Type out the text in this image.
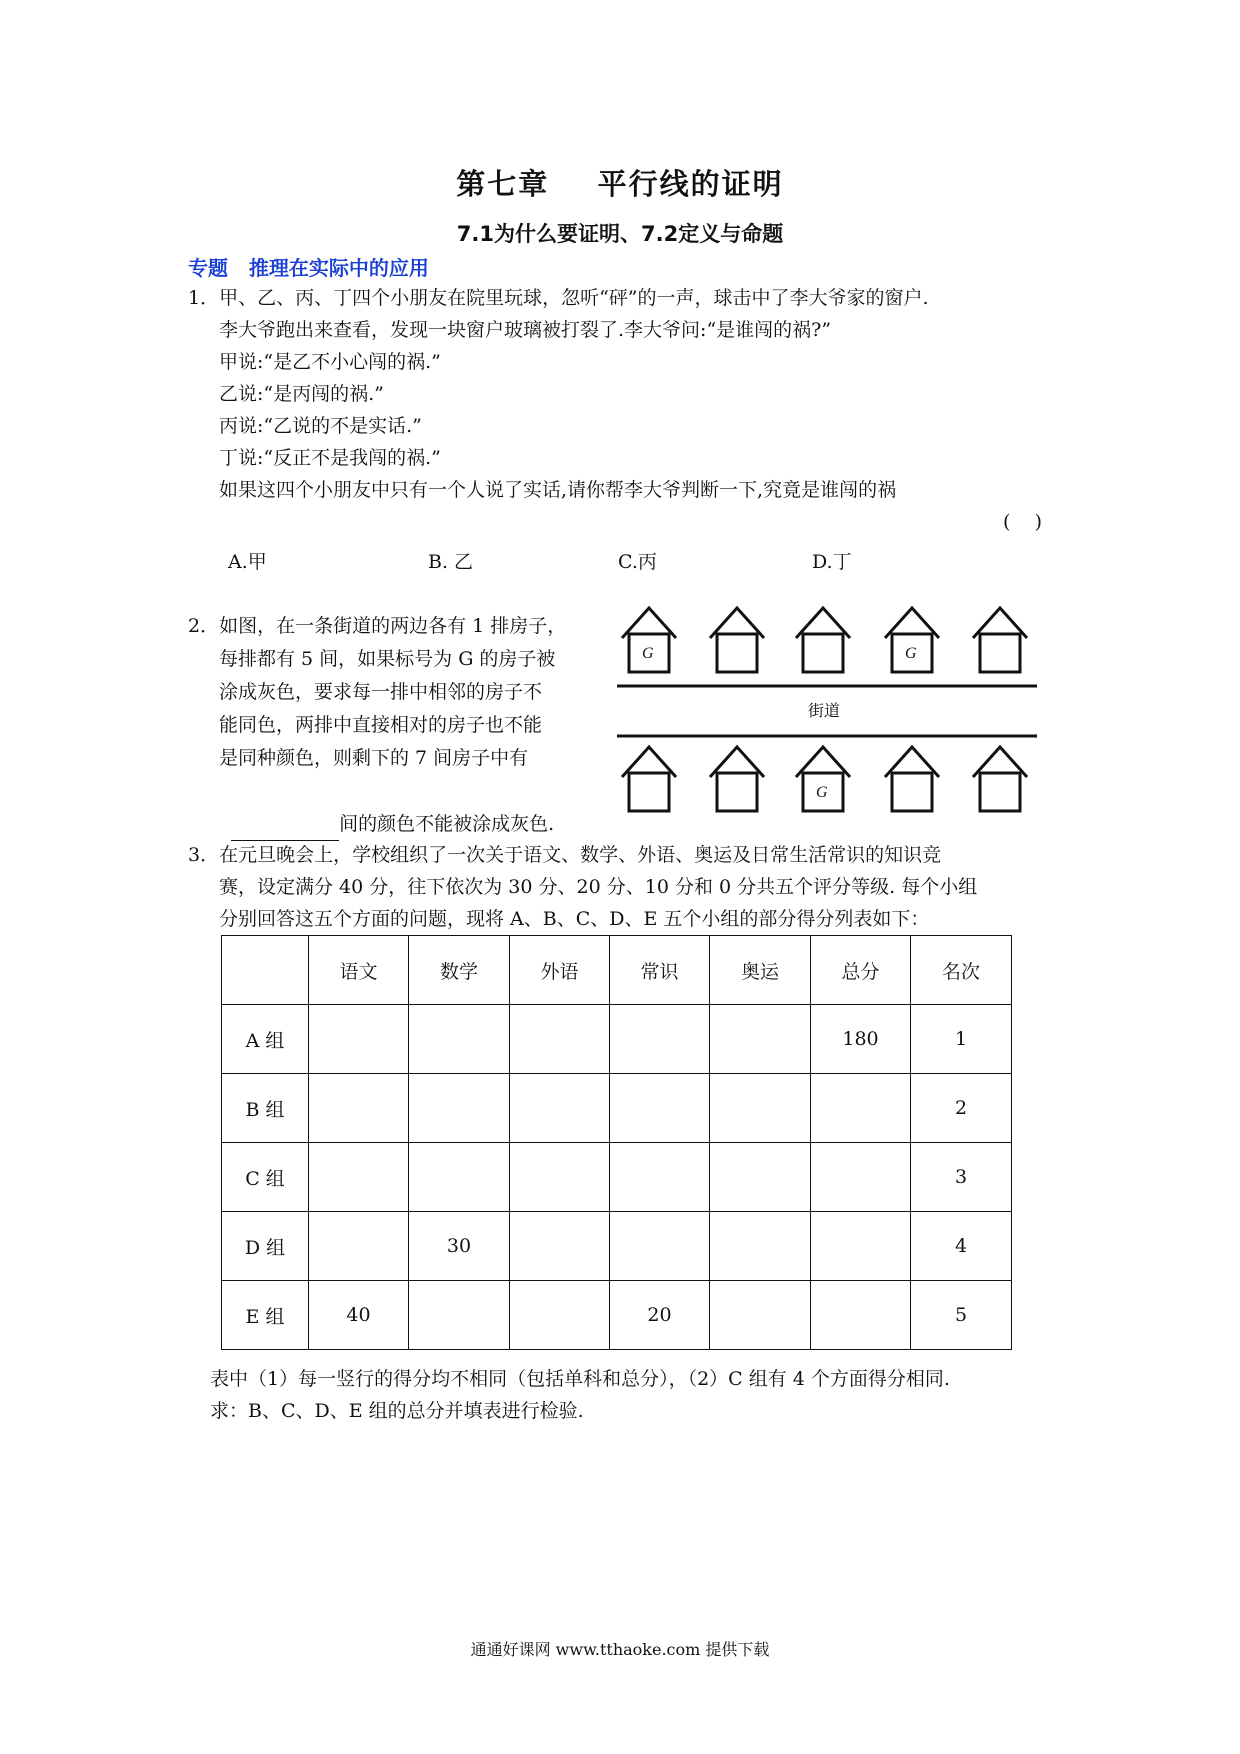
第七章    平行线的证明
7.1为什么要证明、7.2定义与命题
专题   推理在实际中的应用
1．甲、乙、丙、丁四个小朋友在院里玩球，忽听“砰”的一声，球击中了李大爷家的窗户.
李大爷跑出来查看，发现一块窗户玻璃被打裂了.李大爷问:“是谁闯的祸?”
甲说:“是乙不小心闯的祸.”
乙说:“是丙闯的祸.”
丙说:“乙说的不是实话.”
丁说:“反正不是我闯的祸.”
如果这四个小朋友中只有一个人说了实话,请你帮李大爷判断一下,究竟是谁闯的祸
(    )
A.甲	B. 乙	C.丙	D.丁
2．如图，在一条街道的两边各有 1 排房子，
每排都有 5 间，如果标号为 G 的房子被
涂成灰色，要求每一排中相邻的房子不
能同色，两排中直接相对的房子也不能
是同种颜色，则剩下的 7 间房子中有

间的颜色不能被涂成灰色.

G	G
G
街道
3．在元旦晚会上，学校组织了一次关于语文、数学、外语、奥运及日常生活常识的知识竞
赛，设定满分 40 分，往下依次为 30 分、20 分、10 分和 0 分共五个评分等级. 每个小组
分别回答这五个方面的问题，现将 A、B、C、D、E 五个小组的部分得分列表如下：
	语文	数学	外语	常识	奥运	总分	名次
A 组						180	1
B 组							2
C 组							3
D 组		30					4
E 组	40			20			5
表中（1）每一竖行的得分均不相同（包括单科和总分），（2）C 组有 4 个方面得分相同.
求：B、C、D、E 组的总分并填表进行检验.
通通好课网 www.tthaoke.com 提供下载
